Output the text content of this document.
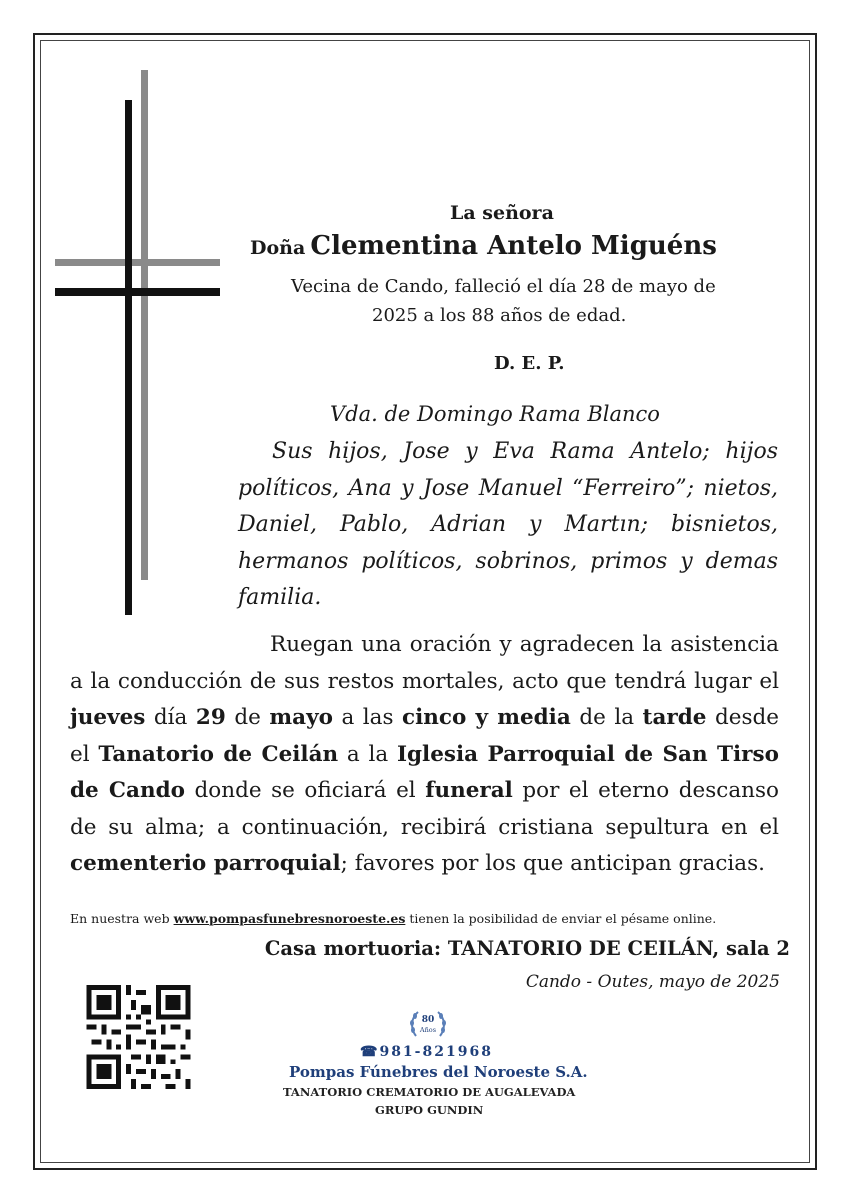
La señora
Doña Clementina Antelo Miguéns
Vecina de Cando, falleció el día 28 de mayo de
2025 a los 88 años de edad.
D. E. P.
Vda. de Domingo Rama Blanco
Sus hijos, Jose y Eva Rama Antelo; hijos políticos, Ana y Jose Manuel “Ferreiro”; nietos, Daniel, Pablo, Adrian y Martın; bisnietos, hermanos políticos, sobrinos, primos y demas familia.
Ruegan una oración y agradecen la asistencia a la conducción de sus restos mortales, acto que tendrá lugar el jueves día 29 de mayo a las cinco y media de la tarde desde el Tanatorio de Ceilán a la Iglesia Parroquial de San Tirso de Cando donde se oficiará el funeral por el eterno descanso de su alma; a continuación, recibirá cristiana sepultura en el cementerio parroquial; favores por los que anticipan gracias.
En nuestra web www.pompasfunebresnoroeste.es tienen la posibilidad de enviar el pésame online.
Casa mortuoria: TANATORIO DE CEILÁN, sala 2
Cando - Outes, mayo de 2025
80
Años
☎981-821968
Pompas Fúnebres del Noroeste S.A.
TANATORIO CREMATORIO DE AUGALEVADA
GRUPO GUNDIN
